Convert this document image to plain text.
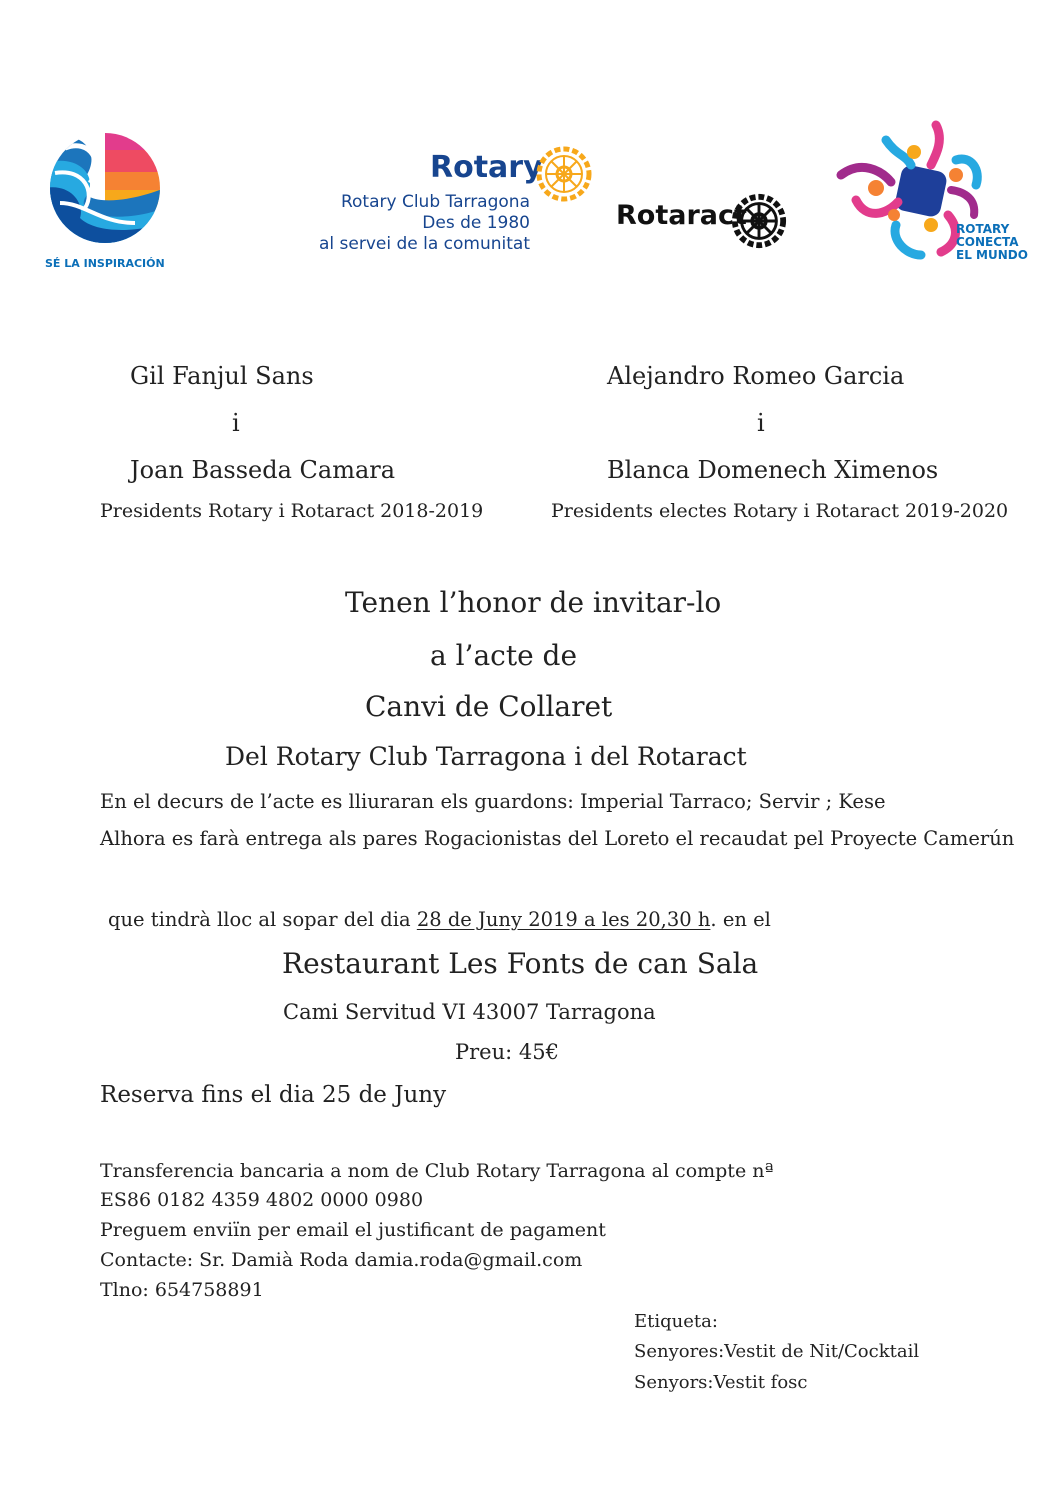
SÉ LA INSPIRACIÓN
Rotary
Rotary Club Tarragona
Des de 1980
al servei de la comunitat
Rotaract	ROTARY
CONECTA
EL MUNDO
Gil Fanjul Sans
i
Joan Basseda Camara
Presidents Rotary i Rotaract 2018-2019
Alejandro Romeo Garcia
i
Blanca Domenech Ximenos
Presidents electes Rotary i Rotaract 2019-2020
Tenen l’honor de invitar-lo
a l’acte de
Canvi de Collaret
Del Rotary Club Tarragona i del Rotaract
En el decurs de l’acte es lliuraran els guardons: Imperial Tarraco; Servir ; Kese
Alhora es farà entrega als pares Rogacionistas del Loreto el recaudat pel Proyecte Camerún
que tindrà lloc al sopar del dia 28 de Juny 2019 a les 20,30 h. en el
Restaurant Les Fonts de can Sala
Cami Servitud VI 43007 Tarragona
Preu: 45€
Reserva fins el dia 25 de Juny
Transferencia bancaria a nom de Club Rotary Tarragona al compte nª
ES86 0182 4359 4802 0000 0980
Preguem enviïn per email el justificant de pagament
Contacte: Sr. Damià Roda damia.roda@gmail.com
Tlno: 654758891
Etiqueta:
Senyores:Vestit de Nit/Cocktail
Senyors:Vestit fosc
